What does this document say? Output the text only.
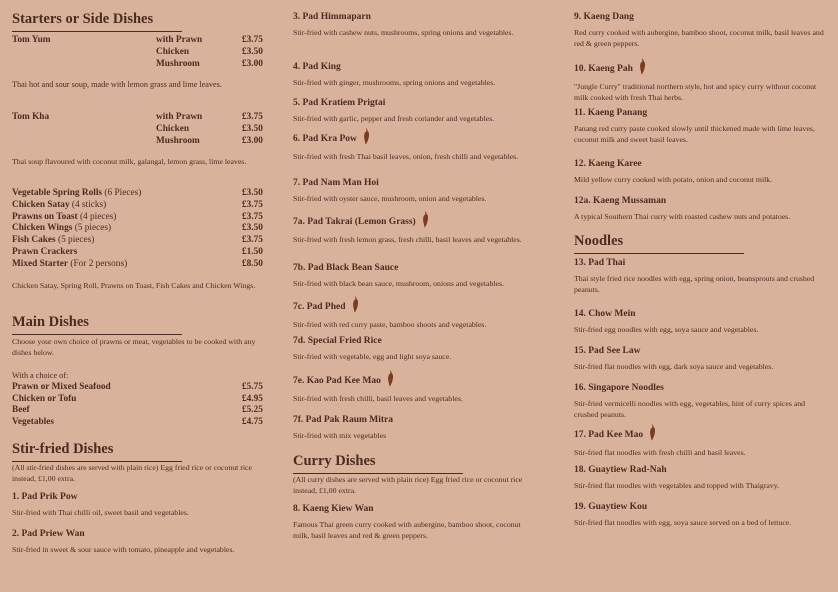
Starters or Side Dishes
Tom Yum	with Prawn	£3.75
Chicken	£3.50
Mushroom	£3.00

Thai hot and sour soup, made with lemon grass and lime leaves.

Tom Kha	with Prawn	£3.75
Chicken	£3.50
Mushroom	£3.00

Thai soup flavoured with coconut milk, galangal, lemon grass, lime leaves.

Vegetable Spring Rolls (6 Pieces)	£3.50
Chicken Satay (4 sticks)	£3.75
Prawns on Toast (4 pieces)	£3.75
Chicken Wings (5 pieces)	£3.50
Fish Cakes (5 pieces)	£3.75
Prawn Crackers	£1.50
Mixed Starter (For 2 persons)	£8.50

Chicken Satay, Spring Roll, Prawns on Toast, Fish Cakes and Chicken Wings.

Main Dishes

Choose your own choice of prawns or meat, vegetables to be cooked with any dishes below.

With a choice of:

Prawn or Mixed Seafood	£5.75
Chicken or Tofu	£4.95
Beef	£5.25
Vegetables	£4.75
Stir-fried Dishes

(All stir-fried dishes are served with plain rice) Egg fried rice or coconut rice instead, £1,00 extra.

1. Pad Prik Pow

Stir-fried with Thai chilli oil, sweet basil and vegetables.

2. Pad Priew Wan

Stir-fried in sweet & sour sauce with tomato, pineapple and vegetables.

3. Pad Himmaparn

Stir-fried with cashew nuts, mushrooms, spring onions and vegetables.

4. Pad King

Stir-fried with ginger, mushrooms, spring onions and vegetables.

5. Pad Kratiem Prigtai

Stir-fried with garlic, pepper and fresh coriander and vegetables.

6. Pad Kra Pow

Stir-fried with fresh Thai basil leaves, onion, fresh chilli and vegetables.

7. Pad Nam Man Hoi

Stir-fried with oyster sauce, mushroom, onion and vegetables.

7a. Pad Takrai (Lemon Grass)

Stir-fried with fresh lemon grass, fresh chilli, basil leaves and vegetables.

7b. Pad Black Bean Sauce

Stir-fried with black bean sauce, mushroom, onions and vegetables.

7c. Pad Phed

Stir-fried with red curry paste, bamboo shoots and vegetables.

7d. Special Fried Rice

Stir-fried with vegetable, egg and light soya sauce.

7e. Kao Pad Kee Mao

Stir-fried with fresh chilli, basil leaves and vegetables.

7f. Pad Pak Raum Mitra

Stir-fried with mix vegetables

Curry Dishes

(All curry dishes are served with plain rice) Egg fried rice or coconut rice instead, £1,00 extra.

8. Kaeng Kiew Wan

Famous Thai green curry cooked with aubergine, bamboo shoot, coconut milk, basil leaves and red & green peppers.

9. Kaeng Dang

Red curry cooked with aubergine, bamboo shoot, coconut milk, basil leaves and red & green peppers.

10. Kaeng Pah

"Jungle Curry" traditional northern style, hot and spicy curry without coconut milk cooked with fresh Thai herbs.

11. Kaeng Panang

Panang red curry paste cooked slowly until thickened made with lime leaves, coconut milk and sweet basil leaves.

12. Kaeng Karee

Mild yellow curry cooked with potato, onion and coconut milk.

12a. Kaeng Mussaman

A typical Southern Thai curry with roasted cashew nuts and potatoes.

Noodles
13. Pad Thai

Thai style fried rice noodles with egg, spring onion, beansprouts and crushed peanuts.

14. Chow Mein

Stir-fried egg noodles with egg, soya sauce and vegetables.

15. Pad See Law

Stir-fried flat noodles with egg, dark soya sauce and vegetables.

16. Singapore Noodles

Stir-fried vermicelli noodles with egg, vegetables, hint of curry spices and crushed peanuts.

17. Pad Kee Mao

Stir-fried flat noodles with fresh chilli and basil leaves.

18. Guaytiew Rad-Nah

Stir-fried flat noodles with vegetables and topped with Thaigravy.

19. Guaytiew Kou

Stir-fried flat noodles with egg, soya sauce served on a bed of lettuce.
